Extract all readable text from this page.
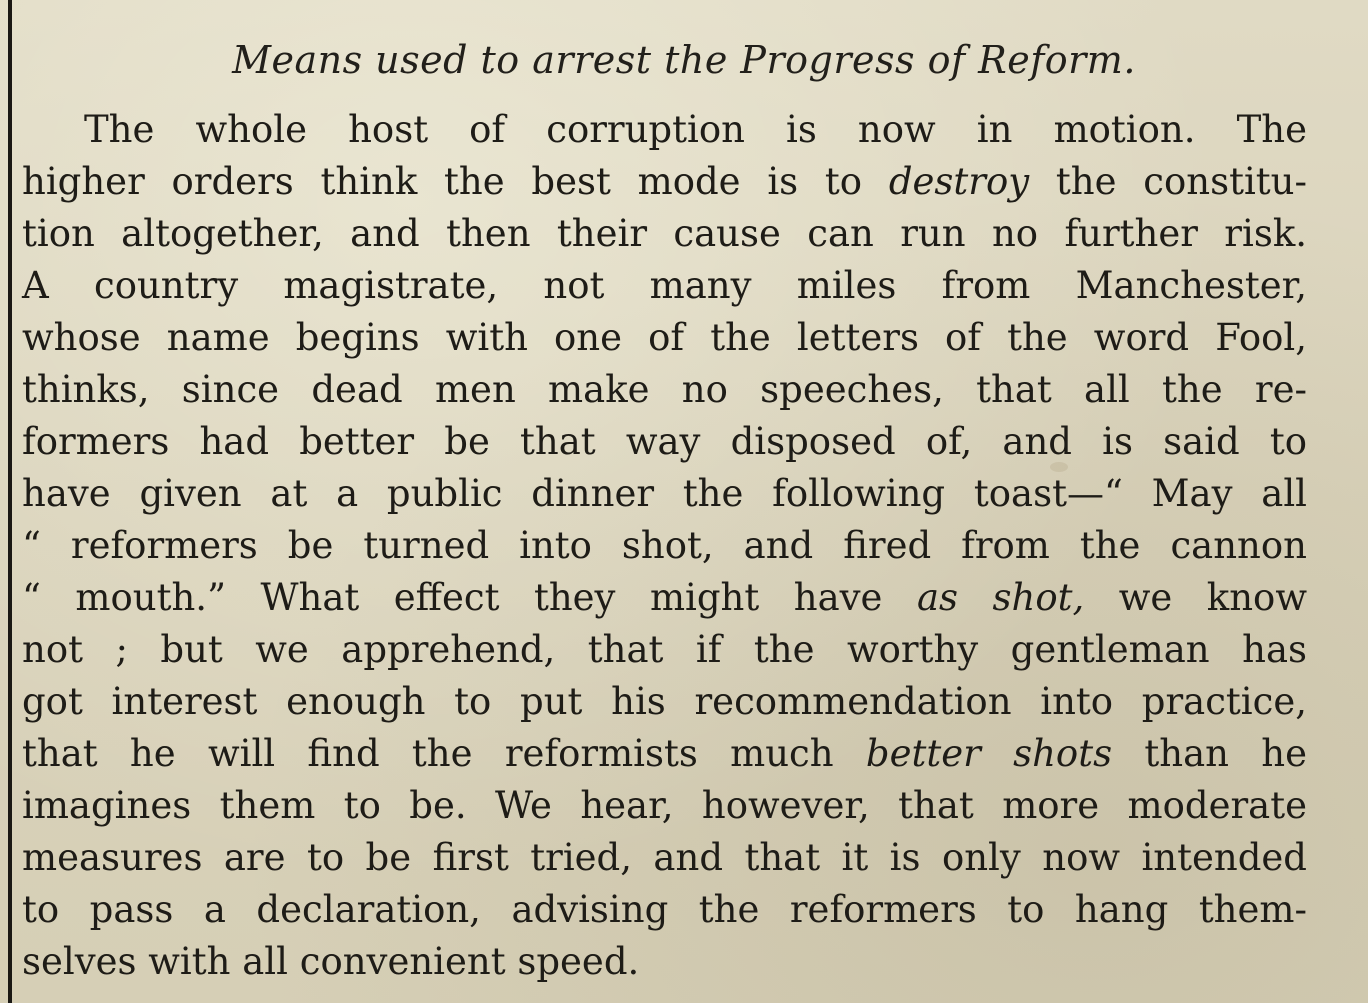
Means used to arrest the Progress of Reform.
The whole host of corruption is now in motion. The
higher orders think the best mode is to destroy the constitu-
tion altogether, and then their cause can run no further risk.
A country magistrate, not many miles from Manchester,
whose name begins with one of the letters of the word Fool,
thinks, since dead men make no speeches, that all the re-
formers had better be that way disposed of, and is said to
have given at a public dinner the following toast—“ May all
“ reformers be turned into shot, and fired from the cannon
“ mouth.” What effect they might have as shot, we know
not ; but we apprehend, that if the worthy gentleman has
got interest enough to put his recommendation into practice,
that he will find the reformists much better shots than he
imagines them to be. We hear, however, that more moderate
measures are to be first tried, and that it is only now intended
to pass a declaration, advising the reformers to hang them-
selves with all convenient speed.
